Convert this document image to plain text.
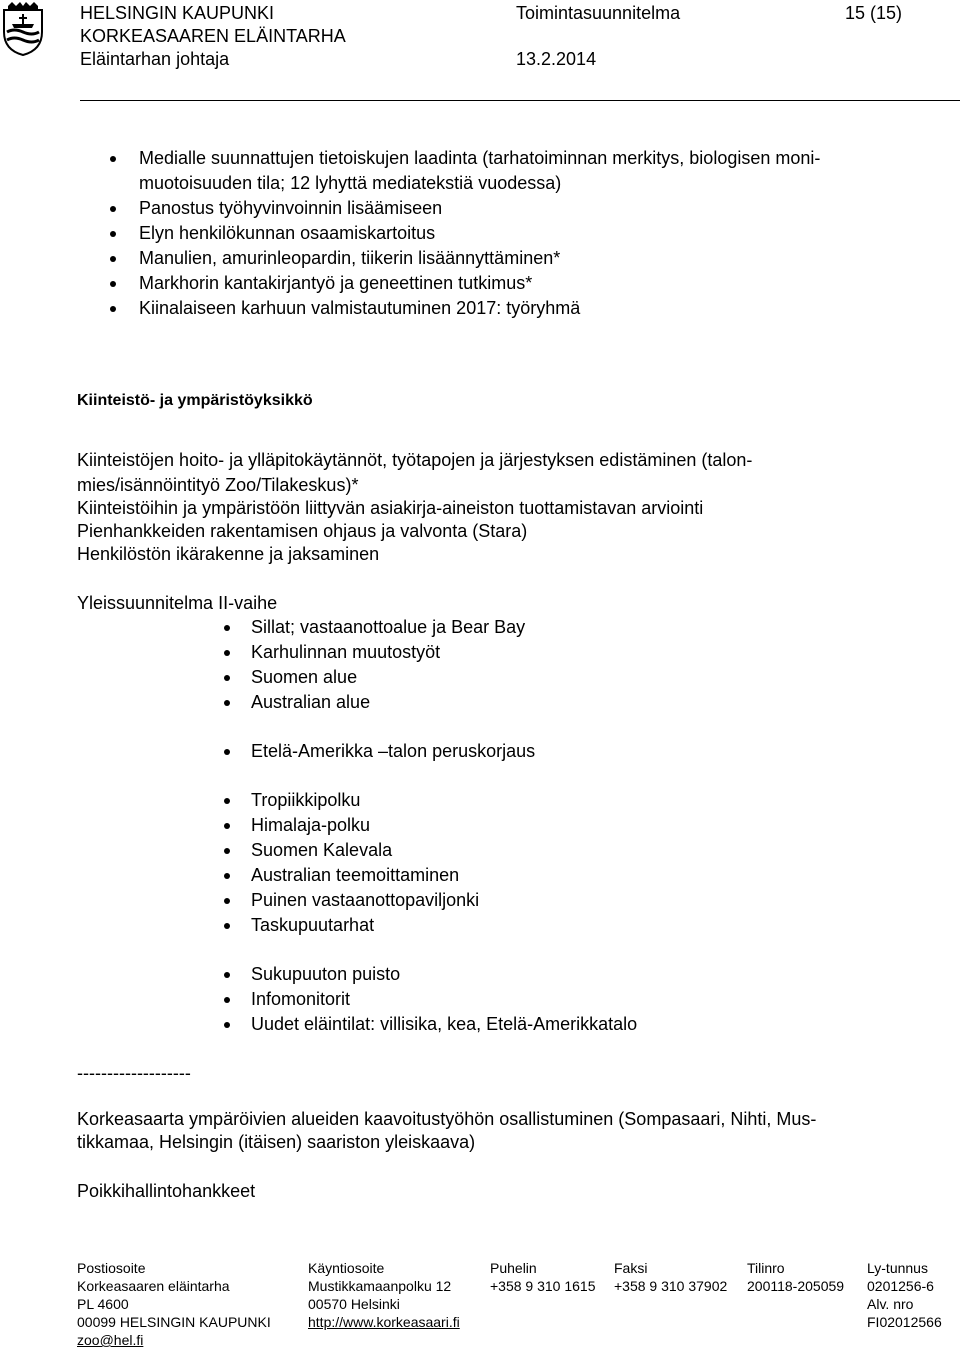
HELSINGIN KAUPUNKI
KORKEASAAREN ELÄINTARHA
Eläintarhan johtaja
Toimintasuunnitelma
13.2.2014
15 (15)
Medialle suunnattujen tietoiskujen laadinta (tarhatoiminnan merkitys, biologisen moni-
muotoisuuden tila; 12 lyhyttä mediatekstiä vuodessa)
Panostus työhyvinvoinnin lisäämiseen
Elyn henkilökunnan osaamiskartoitus
Manulien, amurinleopardin, tiikerin lisäännyttäminen*
Markhorin kantakirjantyö ja geneettinen tutkimus*
Kiinalaiseen karhuun valmistautuminen 2017: työryhmä
Kiinteistö- ja ympäristöyksikkö
Kiinteistöjen hoito- ja ylläpitokäytännöt, työtapojen ja järjestyksen edistäminen (talon-
mies/isännöintityö Zoo/Tilakeskus)*
Kiinteistöihin ja ympäristöön liittyvän asiakirja-aineiston tuottamistavan arviointi
Pienhankkeiden rakentamisen ohjaus ja valvonta (Stara)
Henkilöstön ikärakenne ja jaksaminen
Yleissuunnitelma II-vaihe
Sillat; vastaanottoalue ja Bear Bay
Karhulinnan muutostyöt
Suomen alue
Australian alue
Etelä-Amerikka –talon peruskorjaus
Tropiikkipolku
Himalaja-polku
Suomen Kalevala
Australian teemoittaminen
Puinen vastaanottopaviljonki
Taskupuutarhat
Sukupuuton puisto
Infomonitorit
Uudet eläintilat: villisika, kea, Etelä-Amerikkatalo
-------------------
Korkeasaarta ympäröivien alueiden kaavoitustyöhön osallistuminen (Sompasaari, Nihti, Mus-
tikkamaa, Helsingin (itäisen) saariston yleiskaava)
Poikkihallintohankkeet
Postiosoite
Korkeasaaren eläintarha
PL 4600
00099 HELSINGIN KAUPUNKI
zoo@hel.fi
Käyntiosoite
Mustikkamaanpolku 12
00570 Helsinki
http://www.korkeasaari.fi
Puhelin
+358 9 310 1615
Faksi
+358 9 310 37902
Tilinro
200118-205059
Ly-tunnus
0201256-6
Alv. nro
FI02012566
